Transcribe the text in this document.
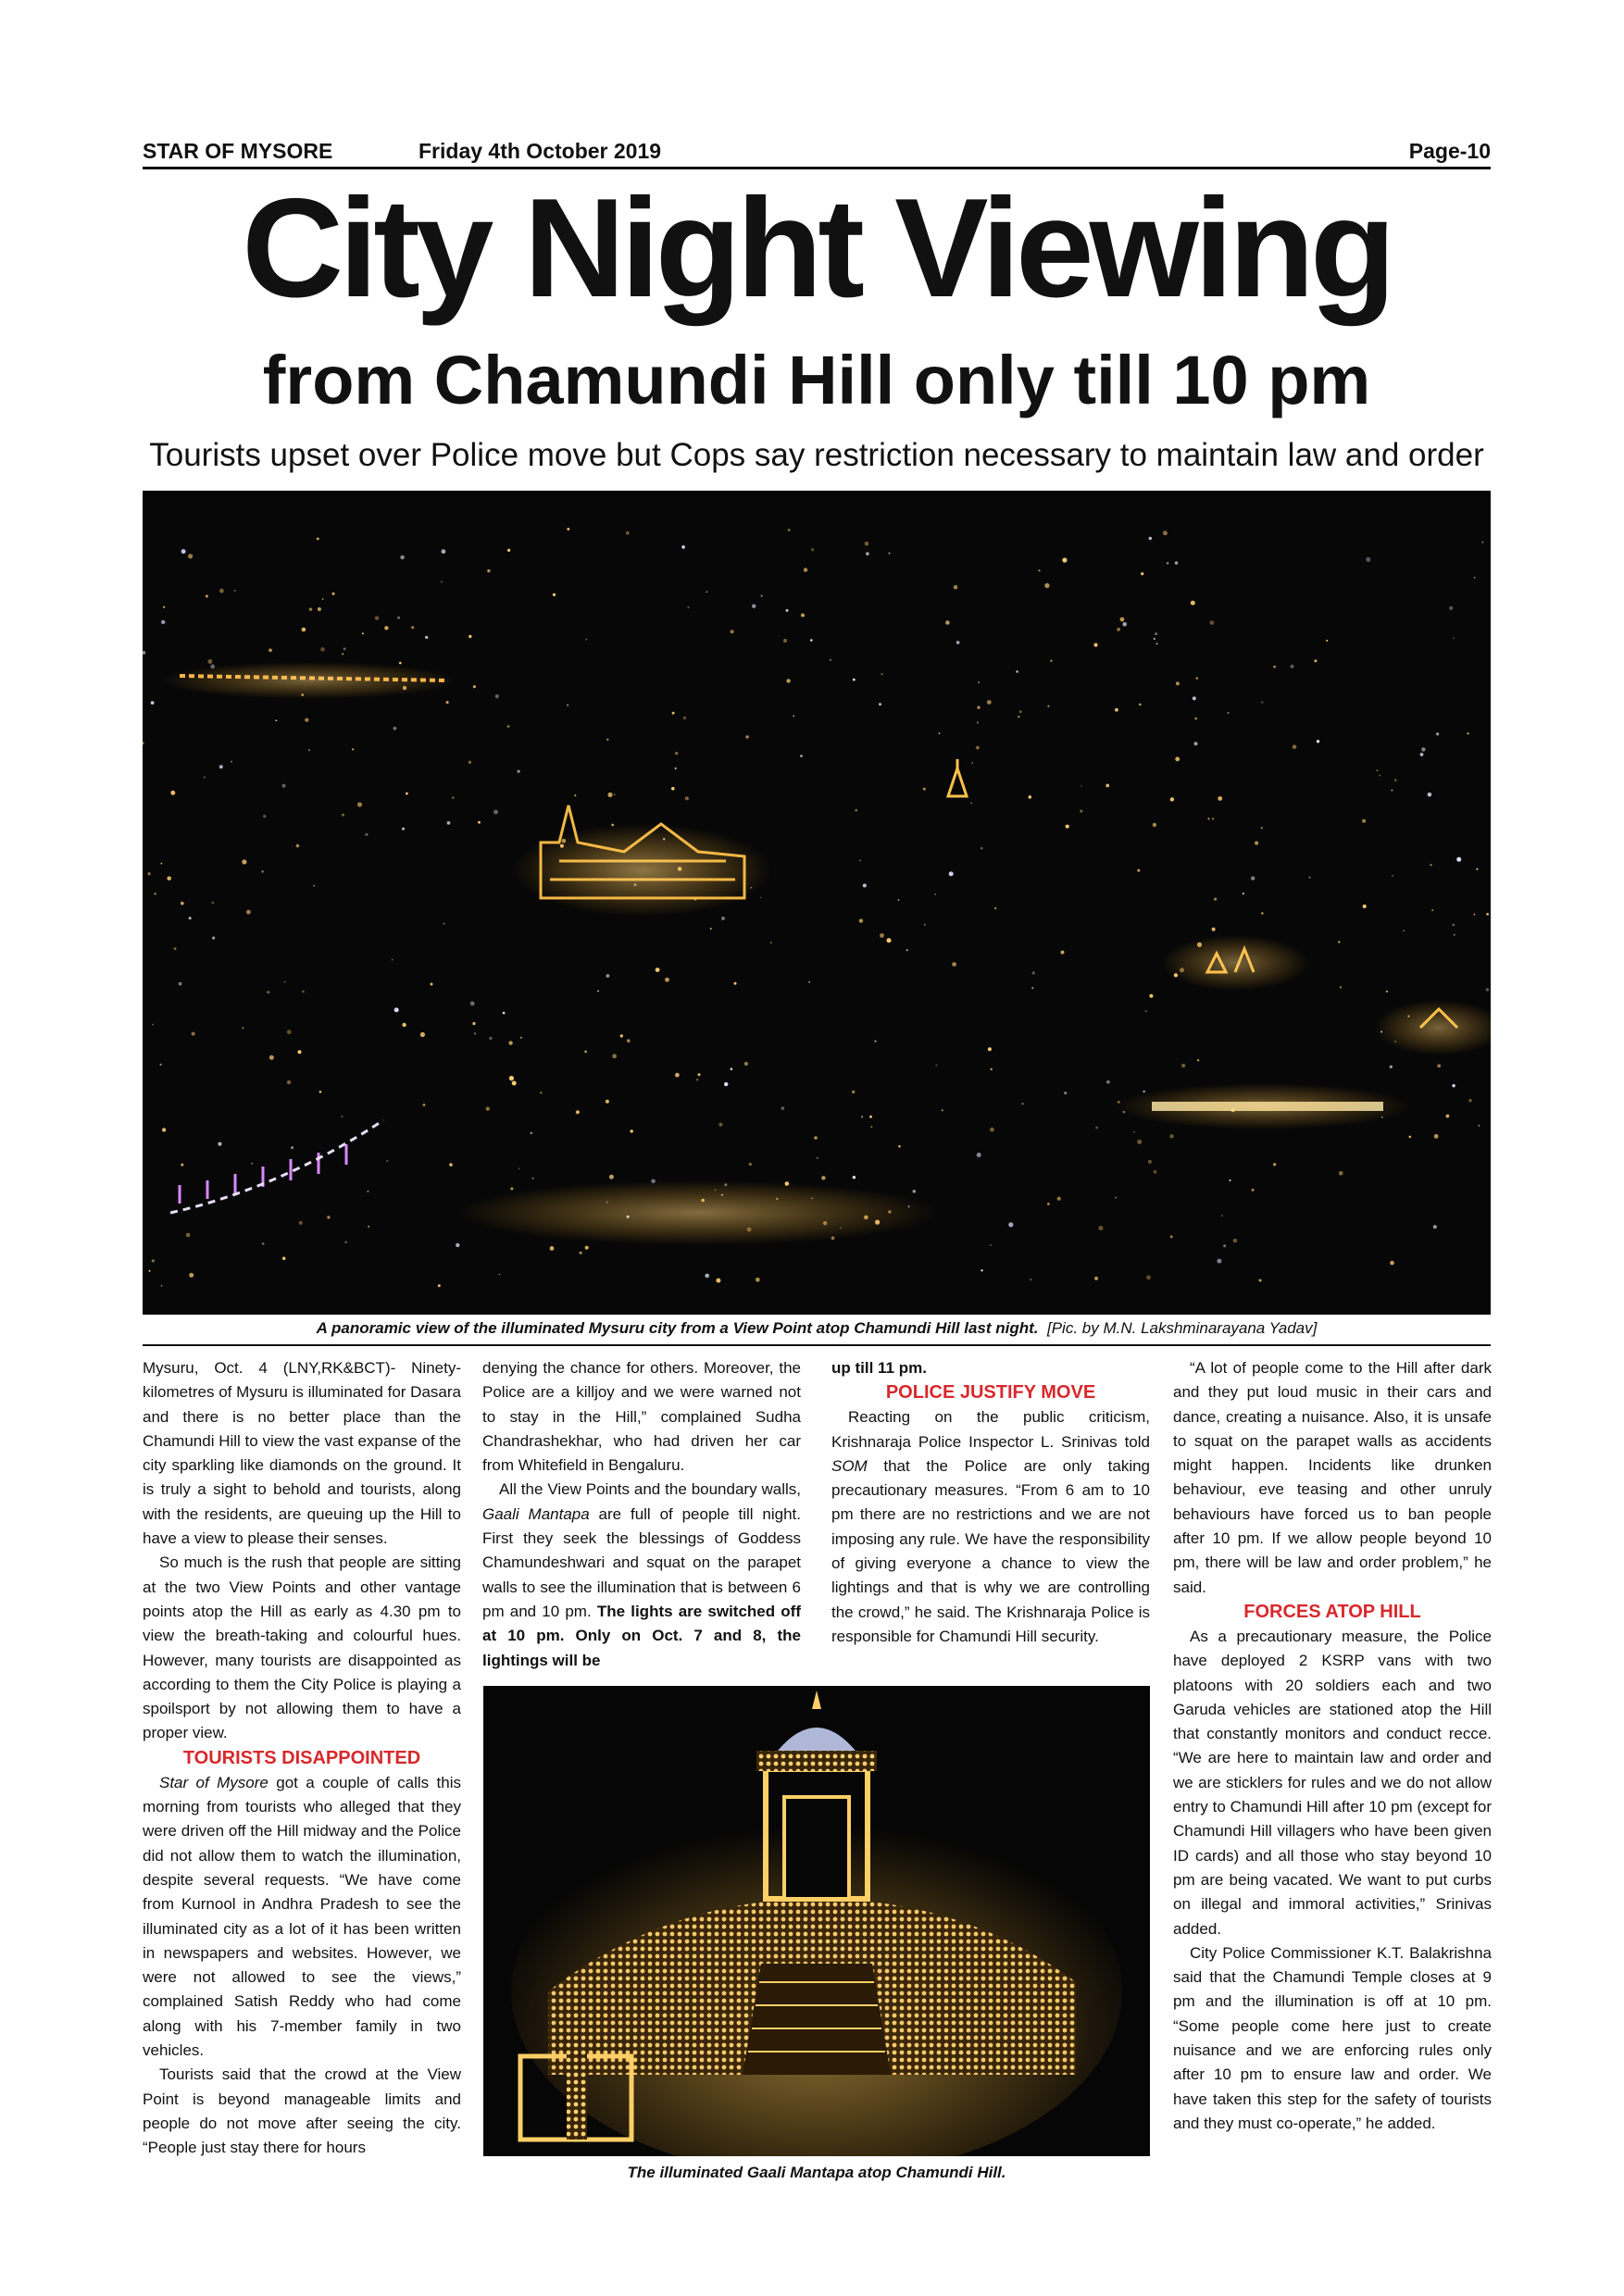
STAR OF MYSORE	Friday 4th October 2019	Page-10
City Night Viewing
from Chamundi Hill only till 10 pm
Tourists upset over Police move but Cops say restriction necessary to maintain law and order
A panoramic view of the illuminated Mysuru city from a View Point atop Chamundi Hill last night. [Pic. by M.N. Lakshminarayana Yadav]

Mysuru, Oct. 4 (LNY,RK&BCT)- Ninety-kilometres of Mysuru is illuminated for Dasara and there is no better place than the Chamundi Hill to view the vast expanse of the city sparkling like diamonds on the ground. It is truly a sight to behold and tourists, along with the residents, are queuing up the Hill to have a view to please their senses.

So much is the rush that people are sitting at the two View Points and other vantage points atop the Hill as early as 4.30 pm to view the breath-taking and colourful hues. However, many tourists are disappointed as according to them the City Police is playing a spoilsport by not allowing them to have a proper view.

TOURISTS DISAPPOINTED

Star of Mysore got a couple of calls this morning from tourists who alleged that they were driven off the Hill midway and the Police did not allow them to watch the illumination, despite several requests. “We have come from Kurnool in Andhra Pradesh to see the illuminated city as a lot of it has been written in newspapers and websites. However, we were not allowed to see the views,” complained Satish Reddy who had come along with his 7-member family in two vehicles.

Tourists said that the crowd at the View Point is beyond manageable limits and people do not move after seeing the city. “People just stay there for hours

denying the chance for others. Moreover, the Police are a killjoy and we were warned not to stay in the Hill,” complained Sudha Chandrashekhar, who had driven her car from Whitefield in Bengaluru.

All the View Points and the boundary walls, Gaali Mantapa are full of people till night. First they seek the blessings of Goddess Chamundeshwari and squat on the parapet walls to see the illumination that is between 6 pm and 10 pm. The lights are switched off at 10 pm. Only on Oct. 7 and 8, the lightings will be

up till 11 pm.

POLICE JUSTIFY MOVE

Reacting on the public criticism, Krishnaraja Police Inspector L. Srinivas told SOM that the Police are only taking precautionary measures. “From 6 am to 10 pm there are no restrictions and we are not imposing any rule. We have the responsibility of giving everyone a chance to view the lightings and that is why we are controlling the crowd,” he said. The Krishnaraja Police is responsible for Chamundi Hill security.

“A lot of people come to the Hill after dark and they put loud music in their cars and dance, creating a nuisance. Also, it is unsafe to squat on the parapet walls as accidents might happen. Incidents like drunken behaviour, eve teasing and other unruly behaviours have forced us to ban people after 10 pm. If we allow people beyond 10 pm, there will be law and order problem,” he said.

FORCES ATOP HILL

As a precautionary measure, the Police have deployed 2 KSRP vans with two platoons with 20 soldiers each and two Garuda vehicles are stationed atop the Hill that constantly monitors and conduct recce. “We are here to maintain law and order and we are sticklers for rules and we do not allow entry to Chamundi Hill after 10 pm (except for Chamundi Hill villagers who have been given ID cards) and all those who stay beyond 10 pm are being vacated. We want to put curbs on illegal and immoral activities,” Srinivas added.

City Police Commissioner K.T. Balakrishna said that the Chamundi Temple closes at 9 pm and the illumination is off at 10 pm. “Some people come here just to create nuisance and we are enforcing rules only after 10 pm to ensure law and order. We have taken this step for the safety of tourists and they must co-operate,” he added.

The illuminated Gaali Mantapa atop Chamundi Hill.
